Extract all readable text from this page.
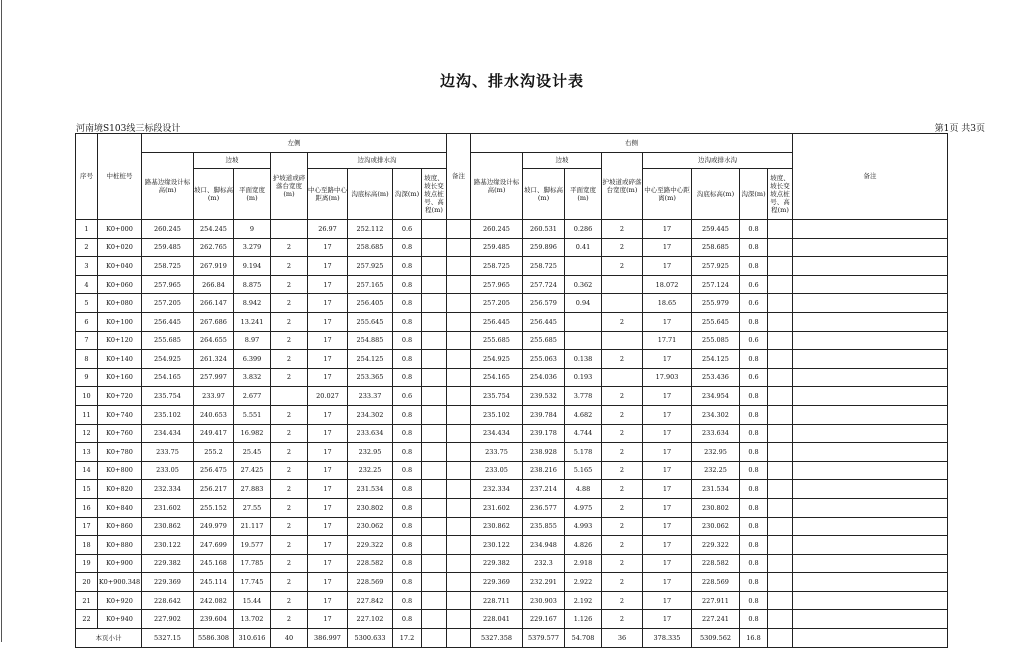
边沟、排水沟设计表
河南境S103线三标段设计	第1页 共3页
序号	中桩桩号	左侧								备注	右侧								备注
		路基边缘设计标高(m)	边坡		护坡道或碎落台宽度(m)	边沟或排水沟					路基边缘设计标高(m)	边坡		护坡道或碎落台宽度(m)	边沟或排水沟				
			坡口、脚标高(m)	平面宽度(m)		中心至路中心距离(m)	沟底标高(m)	沟深(m)	坡度、坡长变坡点桩号、高程(m)			坡口、脚标高(m)	平面宽度(m)		中心至路中心距离(m)	沟底标高(m)	沟深(m)	坡度、坡长变坡点桩号、高程(m)	
1	K0+000	260.245	254.245	9		26.97	252.112	0.6			260.245	260.531	0.286	2	17	259.445	0.8		
2	K0+020	259.485	262.765	3.279	2	17	258.685	0.8			259.485	259.896	0.41	2	17	258.685	0.8		
3	K0+040	258.725	267.919	9.194	2	17	257.925	0.8			258.725	258.725		2	17	257.925	0.8		
4	K0+060	257.965	266.84	8.875	2	17	257.165	0.8			257.965	257.724	0.362		18.072	257.124	0.6		
5	K0+080	257.205	266.147	8.942	2	17	256.405	0.8			257.205	256.579	0.94		18.65	255.979	0.6		
6	K0+100	256.445	267.686	13.241	2	17	255.645	0.8			256.445	256.445		2	17	255.645	0.8		
7	K0+120	255.685	264.655	8.97	2	17	254.885	0.8			255.685	255.685			17.71	255.085	0.6		
8	K0+140	254.925	261.324	6.399	2	17	254.125	0.8			254.925	255.063	0.138	2	17	254.125	0.8		
9	K0+160	254.165	257.997	3.832	2	17	253.365	0.8			254.165	254.036	0.193		17.903	253.436	0.6		
10	K0+720	235.754	233.97	2.677		20.027	233.37	0.6			235.754	239.532	3.778	2	17	234.954	0.8		
11	K0+740	235.102	240.653	5.551	2	17	234.302	0.8			235.102	239.784	4.682	2	17	234.302	0.8		
12	K0+760	234.434	249.417	16.982	2	17	233.634	0.8			234.434	239.178	4.744	2	17	233.634	0.8		
13	K0+780	233.75	255.2	25.45	2	17	232.95	0.8			233.75	238.928	5.178	2	17	232.95	0.8		
14	K0+800	233.05	256.475	27.425	2	17	232.25	0.8			233.05	238.216	5.165	2	17	232.25	0.8		
15	K0+820	232.334	256.217	27.883	2	17	231.534	0.8			232.334	237.214	4.88	2	17	231.534	0.8		
16	K0+840	231.602	255.152	27.55	2	17	230.802	0.8			231.602	236.577	4.975	2	17	230.802	0.8		
17	K0+860	230.862	249.979	21.117	2	17	230.062	0.8			230.862	235.855	4.993	2	17	230.062	0.8		
18	K0+880	230.122	247.699	19.577	2	17	229.322	0.8			230.122	234.948	4.826	2	17	229.322	0.8		
19	K0+900	229.382	245.168	17.785	2	17	228.582	0.8			229.382	232.3	2.918	2	17	228.582	0.8		
20	K0+900.348	229.369	245.114	17.745	2	17	228.569	0.8			229.369	232.291	2.922	2	17	228.569	0.8		
21	K0+920	228.642	242.082	15.44	2	17	227.842	0.8			228.711	230.903	2.192	2	17	227.911	0.8		
22	K0+940	227.902	239.604	13.702	2	17	227.102	0.8			228.041	229.167	1.126	2	17	227.241	0.8		
本页小计		5327.15	5586.308	310.616	40	386.997	5300.633	17.2			5327.358	5379.577	54.708	36	378.335	5309.562	16.8		
